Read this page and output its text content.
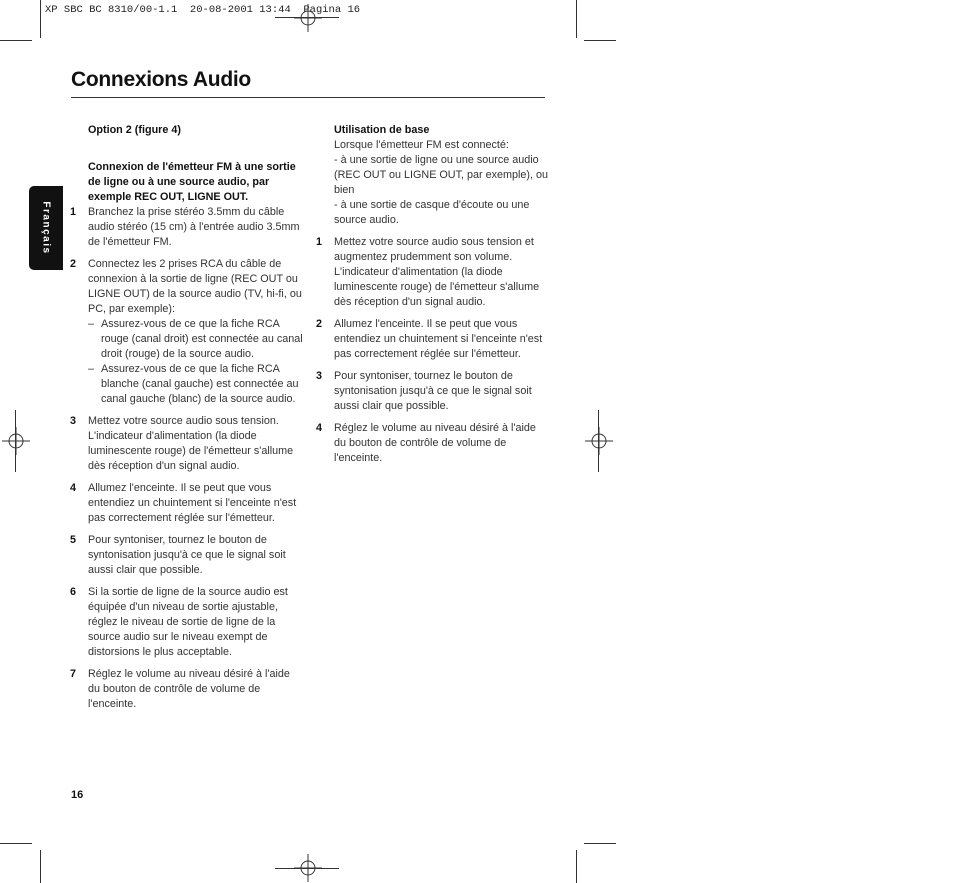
XP SBC BC 8310/00-1.1  20-08-2001 13:44  Pagina 16
Connexions Audio
Français
Option 2 (figure 4)
Connexion de l'émetteur FM à une sortie de ligne ou à une source audio, par exemple REC OUT, LIGNE OUT.
1 Branchez la prise stéréo 3.5mm du câble audio stéréo (15 cm) à l'entrée audio 3.5mm de l'émetteur FM.
2 Connectez les 2 prises RCA du câble de connexion à la sortie de ligne (REC OUT ou LIGNE OUT) de la source audio (TV, hi-fi, ou PC, par exemple):
– Assurez-vous de ce que la fiche RCA rouge (canal droit) est connectée au canal droit (rouge) de la source audio.
– Assurez-vous de ce que la fiche RCA blanche (canal gauche) est connectée au canal gauche (blanc) de la source audio.
3 Mettez votre source audio sous tension. L'indicateur d'alimentation (la diode luminescente rouge) de l'émetteur s'allume dès réception d'un signal audio.
4 Allumez l'enceinte. Il se peut que vous entendiez un chuintement si l'enceinte n'est pas correctement réglée sur l'émetteur.
5 Pour syntoniser, tournez le bouton de syntonisation jusqu'à ce que le signal soit aussi clair que possible.
6 Si la sortie de ligne de la source audio est équipée d'un niveau de sortie ajustable, réglez le niveau de sortie de ligne de la source audio sur le niveau exempt de distorsions le plus acceptable.
7 Réglez le volume au niveau désiré à l'aide du bouton de contrôle de volume de l'enceinte.
Utilisation de base
Lorsque l'émetteur FM est connecté:
- à une sortie de ligne ou une source audio (REC OUT ou LIGNE OUT, par exemple), ou bien
- à une sortie de casque d'écoute ou une source audio.
1 Mettez votre source audio sous tension et augmentez prudemment son volume. L'indicateur d'alimentation (la diode luminescente rouge) de l'émetteur s'allume dès réception d'un signal audio.
2 Allumez l'enceinte. Il se peut que vous entendiez un chuintement si l'enceinte n'est pas correctement réglée sur l'émetteur.
3 Pour syntoniser, tournez le bouton de syntonisation jusqu'à ce que le signal soit aussi clair que possible.
4 Réglez le volume au niveau désiré à l'aide du bouton de contrôle de volume de l'enceinte.
16
